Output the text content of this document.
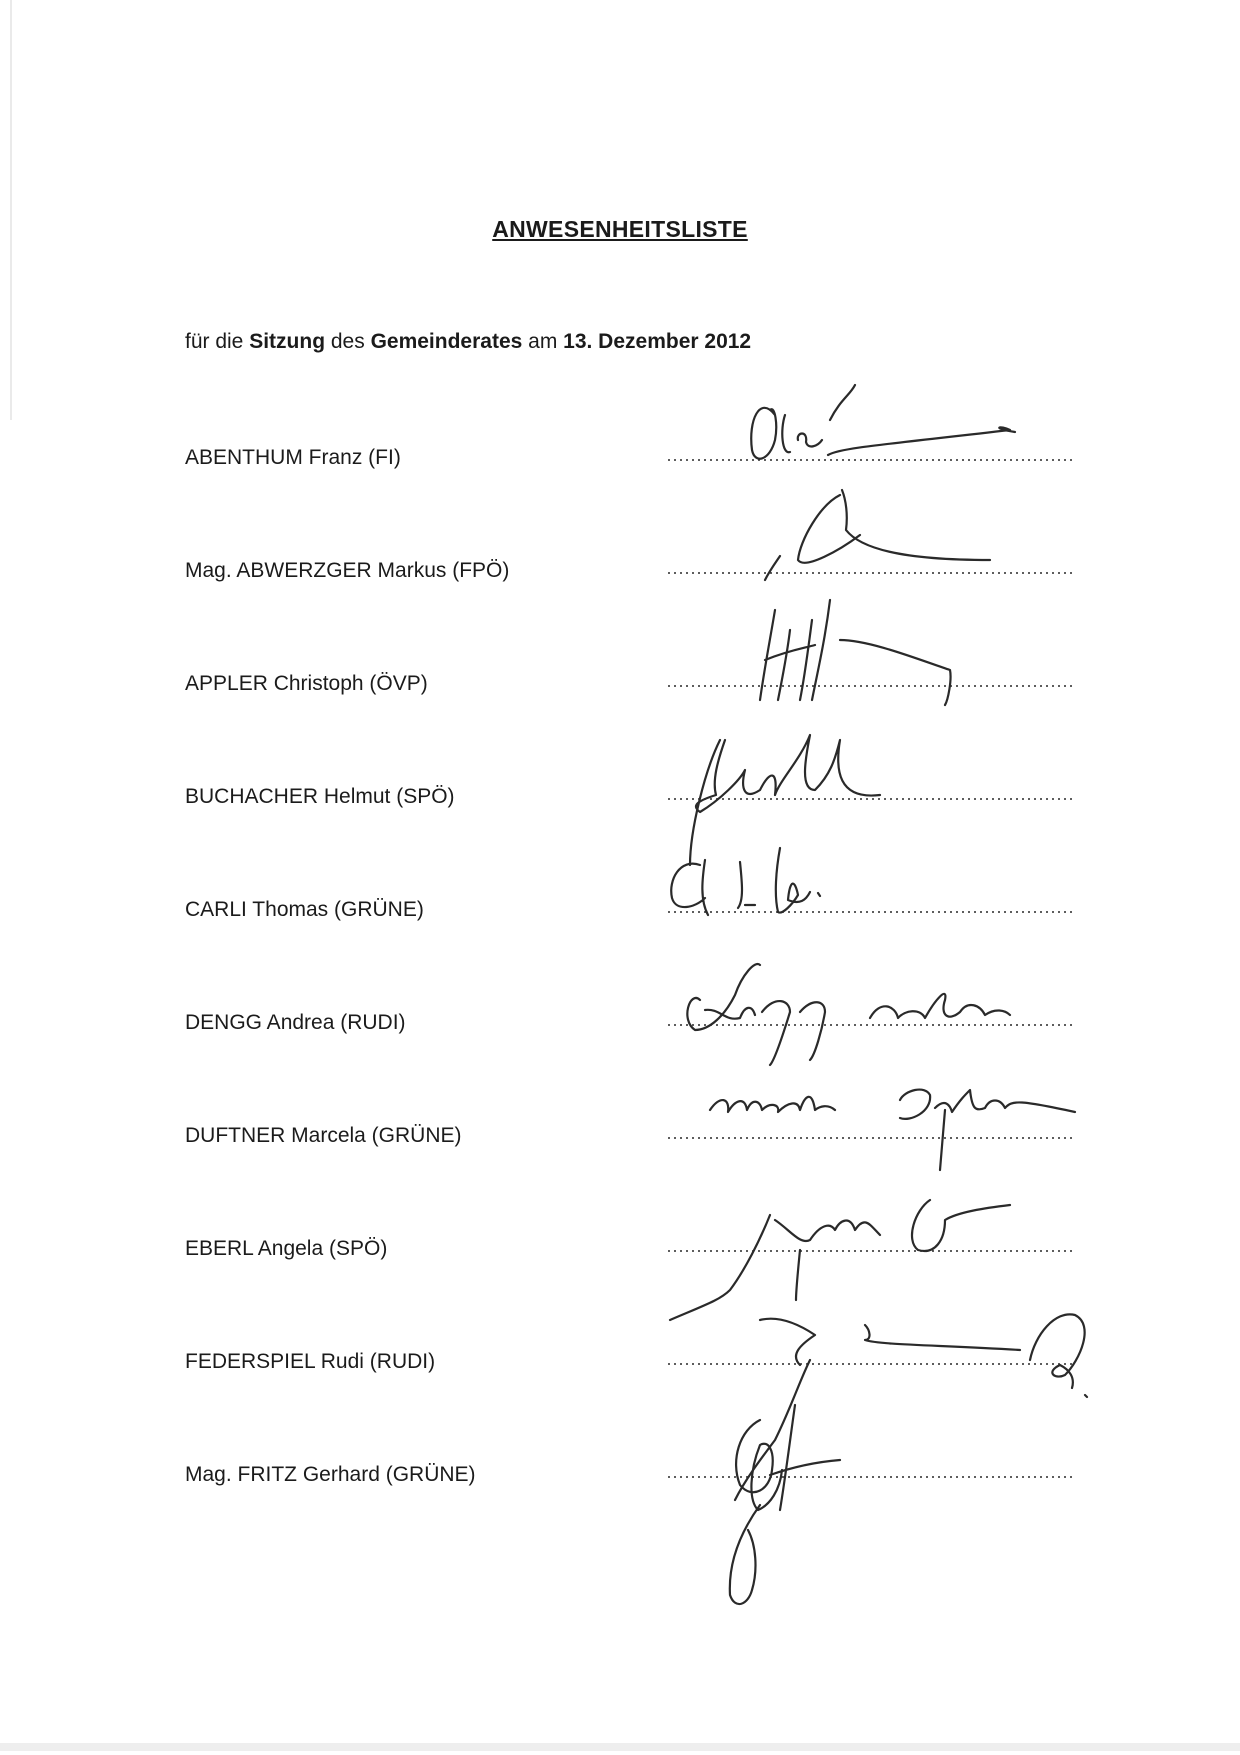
ANWESENHEITSLISTE
für die Sitzung des Gemeinderates am 13. Dezember 2012
ABENTHUM Franz (FI)
Mag. ABWERZGER Markus (FPÖ)
APPLER Christoph (ÖVP)
BUCHACHER Helmut (SPÖ)
CARLI Thomas (GRÜNE)
DENGG Andrea (RUDI)
DUFTNER Marcela (GRÜNE)
EBERL Angela (SPÖ)
FEDERSPIEL Rudi (RUDI)
Mag. FRITZ Gerhard (GRÜNE)
